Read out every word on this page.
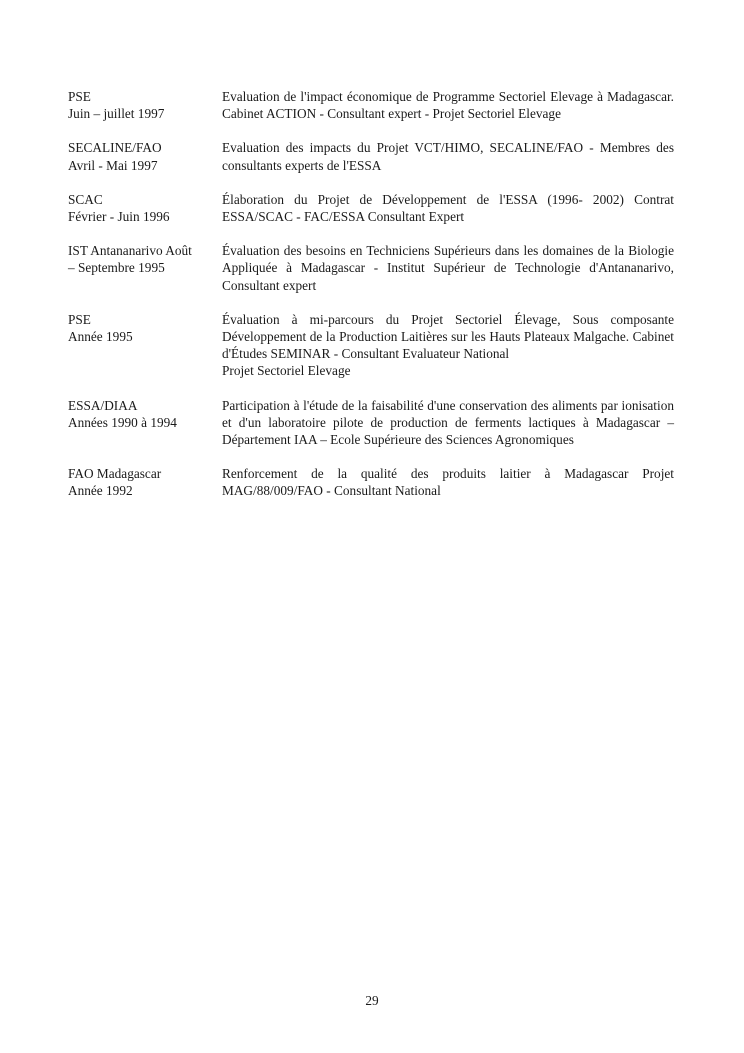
PSE
Juin – juillet 1997
Evaluation de l'impact économique de Programme Sectoriel Elevage à Madagascar. Cabinet ACTION - Consultant expert - Projet Sectoriel Elevage
SECALINE/FAO
Avril - Mai 1997
Evaluation des impacts du Projet VCT/HIMO, SECALINE/FAO - Membres des consultants experts de l'ESSA
SCAC
Février - Juin 1996
Élaboration du Projet de Développement de l'ESSA (1996- 2002) Contrat ESSA/SCAC - FAC/ESSA Consultant Expert
IST Antananarivo Août
– Septembre 1995
Évaluation des besoins en Techniciens Supérieurs dans les domaines de la Biologie Appliquée à Madagascar - Institut Supérieur de Technologie d'Antananarivo, Consultant expert
PSE
Année 1995
Évaluation à mi-parcours du Projet Sectoriel Élevage, Sous composante Développement de la Production Laitières sur les Hauts Plateaux Malgache. Cabinet d'Études SEMINAR - Consultant Evaluateur National
Projet Sectoriel Elevage
ESSA/DIAA
Années 1990 à 1994
Participation à l'étude de la faisabilité d'une conservation des aliments par ionisation et d'un laboratoire pilote de production de ferments lactiques à Madagascar – Département IAA – Ecole Supérieure des Sciences Agronomiques
FAO Madagascar
Année 1992
Renforcement de la qualité des produits laitier à Madagascar Projet MAG/88/009/FAO - Consultant National
29
